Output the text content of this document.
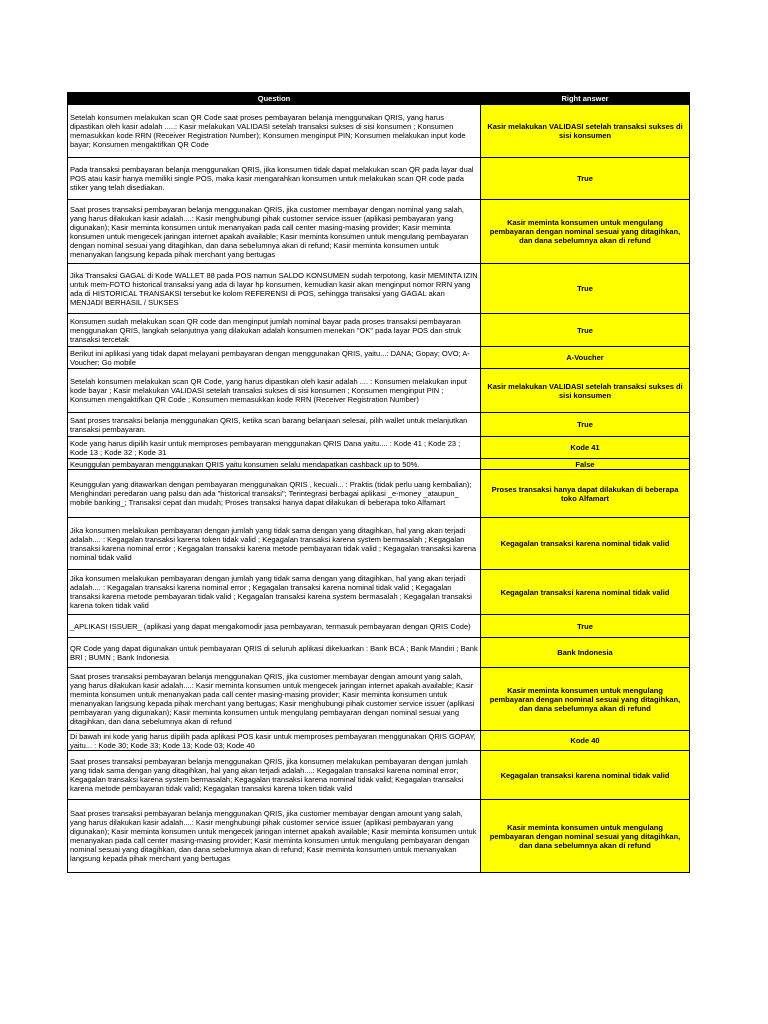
Question	Right answer
Setelah konsumen melakukan scan QR Code saat proses pembayaran belanja menggunakan QRIS, yang harus dipastikan oleh kasir adalah .....: Kasir melakukan VALIDASI setelah transaksi sukses di sisi konsumen ; Konsumen memasukkan kode RRN (Receiver Registration Number); Konsumen menginput PIN; Konsumen melakukan input kode bayar; Konsumen mengaktifkan QR Code	Kasir melakukan VALIDASI setelah transaksi sukses di sisi konsumen
Pada transaksi pembayaran belanja menggunakan QRIS, jika konsumen tidak dapat melakukan scan QR pada layar dual POS atau kasir hanya memiliki single POS, maka kasir mengarahkan konsumen untuk melakukan scan QR code pada stiker yang telah disediakan.	True
Saat proses transaksi pembayaran belanja menggunakan QRIS, jika customer membayar dengan nominal yang salah, yang harus dilakukan kasir adalah....: Kasir menghubungi pihak customer service issuer (aplikasi pembayaran yang digunakan); Kasir meminta konsumen untuk menanyakan pada call center masing-masing provider; Kasir meminta konsumen untuk mengecek jaringan internet apakah available; Kasir meminta konsumen untuk mengulang pembayaran dengan nominal sesuai yang ditagihkan, dan dana sebelumnya akan di refund; Kasir meminta konsumen untuk menanyakan langsung kepada pihak merchant yang bertugas	Kasir meminta konsumen untuk mengulang pembayaran dengan nominal sesuai yang ditagihkan, dan dana sebelumnya akan di refund
Jika Transaksi GAGAL di Kode WALLET 88 pada POS namun SALDO KONSUMEN sudah terpotong, kasir MEMINTA IZIN untuk mem-FOTO historical transaksi yang ada di layar hp konsumen, kemudian kasir akan menginput nomor RRN yang ada di HISTORICAL TRANSAKSI tersebut ke kolom REFERENSI di POS, sehingga transaksi yang GAGAL akan MENJADI BERHASIL / SUKSES	True
Konsumen sudah melakukan scan QR code dan menginput jumlah nominal bayar pada proses transaksi pembayaran menggunakan QRIS, langkah selanjutnya yang dilakukan adalah konsumen menekan "OK" pada layar POS dan struk transaksi tercetak	True
Berikut ini aplikasi yang tidak dapat melayani pembayaran dengan menggunakan QRIS, yaitu...: DANA; Gopay; OVO; A-Voucher; Go mobile	A-Voucher
Setelah konsumen melakukan scan QR Code, yang harus dipastikan oleh kasir adalah .... : Konsumen melakukan input kode bayar ; Kasir melakukan VALIDASI setelah transaksi sukses di sisi konsumen ; Konsumen menginput PIN ; Konsumen mengaktifkan QR Code ; Konsumen memasukkan kode RRN (Receiver Registration Number)	Kasir melakukan VALIDASI setelah transaksi sukses di sisi konsumen
Saat proses transaksi belanja menggunakan QRIS, ketika scan barang belanjaan selesai, pilih wallet untuk melanjutkan transaksi pembayaran.	True
Kode yang harus dipilih kasir untuk memproses pembayaran menggunakan QRIS Dana yaitu.... : Kode 41 ; Kode 23 ; Kode 13 ; Kode 32 ; Kode 31	Kode 41
Keunggulan pembayaran menggunakan QRIS yaitu konsumen selalu mendapatkan cashback up to 50%.	False
Keunggulan yang ditawarkan dengan pembayaran menggunakan QRIS , kecuali... : Praktis (tidak perlu uang kembalian); Menghindari peredaran uang palsu dan ada "historical transaksi"; Terintegrasi berbagai aplikasi _e-money _ataupun_ mobile banking_; Transaksi cepat dan mudah; Proses transaksi hanya dapat dilakukan di beberapa toko Alfamart	Proses transaksi hanya dapat dilakukan di beberapa toko Alfamart
Jika konsumen melakukan pembayaran dengan jumlah yang tidak sama dengan yang ditagihkan, hal yang akan terjadi adalah.... : Kegagalan transaksi karena token tidak valid ; Kegagalan transaksi karena system bermasalah ; Kegagalan transaksi karena nominal error ; Kegagalan transaksi karena metode pembayaran tidak valid ; Kegagalan transaksi karena nominal tidak valid	Kegagalan transaksi karena nominal tidak valid
Jika konsumen melakukan pembayaran dengan jumlah yang tidak sama dengan yang ditagihkan, hal yang akan terjadi adalah.... : Kegagalan transaksi karena nominal error ; Kegagalan transaksi karena nominal tidak valid ; Kegagalan transaksi karena metode pembayaran tidak valid ; Kegagalan transaksi karena system bermasalah ; Kegagalan transaksi karena token tidak valid	Kegagalan transaksi karena nominal tidak valid
_APLIKASI ISSUER_ (aplikasi yang dapat mengakomodir jasa pembayaran, termasuk pembayaran dengan QRIS Code)	True
QR Code yang dapat digunakan untuk pembayaran QRIS di seluruh aplikasi dikeluarkan : Bank BCA ; Bank Mandiri ; Bank BRI ; BUMN ; Bank Indonesia	Bank Indonesia
Saat proses transaksi pembayaran belanja menggunakan QRIS, jika customer membayar dengan amount yang salah, yang harus dilakukan kasir adalah....: Kasir meminta konsumen untuk mengecek jaringan internet apakah available; Kasir meminta konsumen untuk menanyakan pada call center masing-masing provider; Kasir meminta konsumen untuk menanyakan langsung kepada pihak merchant yang bertugas; Kasir menghubungi pihak customer service issuer (aplikasi pembayaran yang digunakan); Kasir meminta konsumen untuk mengulang pembayaran dengan nominal sesuai yang ditagihkan, dan dana sebelumnya akan di refund	Kasir meminta konsumen untuk mengulang pembayaran dengan nominal sesuai yang ditagihkan, dan dana sebelumnya akan di refund
Di bawah ini kode yang harus dipilih pada aplikasi POS kasir untuk memproses pembayaran menggunakan QRIS GOPAY, yaitu... : Kode 30; Kode 33; Kode 13; Kode 03; Kode 40	Kode 40
Saat proses transaksi pembayaran belanja menggunakan QRIS, jika konsumen melakukan pembayaran dengan jumlah yang tidak sama dengan yang ditagihkan, hal yang akan terjadi adalah....: Kegagalan transaksi karena nominal error; Kegagalan transaksi karena system bermasalah; Kegagalan transaksi karena nominal tidak valid; Kegagalan transaksi karena metode pembayaran tidak valid; Kegagalan transaksi karena token tidak valid	Kegagalan transaksi karena nominal tidak valid
Saat proses transaksi pembayaran belanja menggunakan QRIS, jika customer membayar dengan amount yang salah, yang harus dilakukan kasir adalah....: Kasir menghubungi pihak customer service issuer (aplikasi pembayaran yang digunakan); Kasir meminta konsumen untuk mengecek jaringan internet apakah available; Kasir meminta konsumen untuk menanyakan pada call center masing-masing provider; Kasir meminta konsumen untuk mengulang pembayaran dengan nominal sesuai yang ditagihkan, dan dana sebelumnya akan di refund; Kasir meminta konsumen untuk menanyakan langsung kepada pihak merchant yang bertugas	Kasir meminta konsumen untuk mengulang pembayaran dengan nominal sesuai yang ditagihkan, dan dana sebelumnya akan di refund
